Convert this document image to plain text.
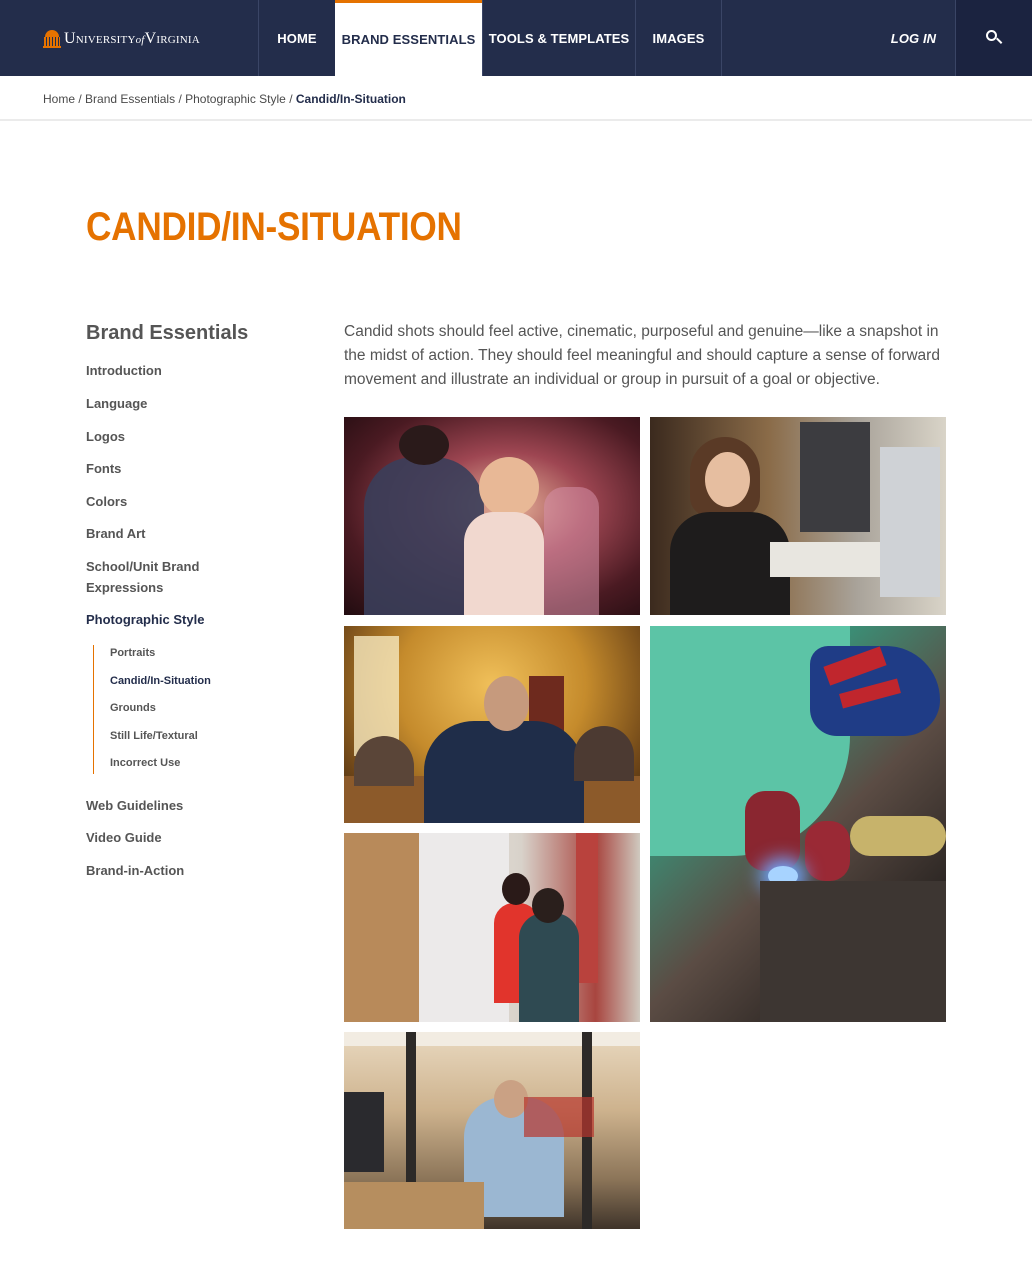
UniversityofVirginia	HOME	BRAND ESSENTIALS	TOOLS & TEMPLATES	IMAGES	LOG IN
Home / Brand Essentials / Photographic Style / Candid/In-Situation
CANDID/IN-SITUATION
Brand Essentials
Introduction
Language
Logos
Fonts
Colors
Brand Art
School/Unit Brand Expressions
Photographic Style
Portraits
Candid/In-Situation
Grounds
Still Life/Textural
Incorrect Use
Web Guidelines
Video Guide
Brand-in-Action

Candid shots should feel active, cinematic, purposeful and genuine—like a snapshot in the midst of action. They should feel meaningful and should capture a sense of forward movement and illustrate an individual or group in pursuit of a goal or objective.
